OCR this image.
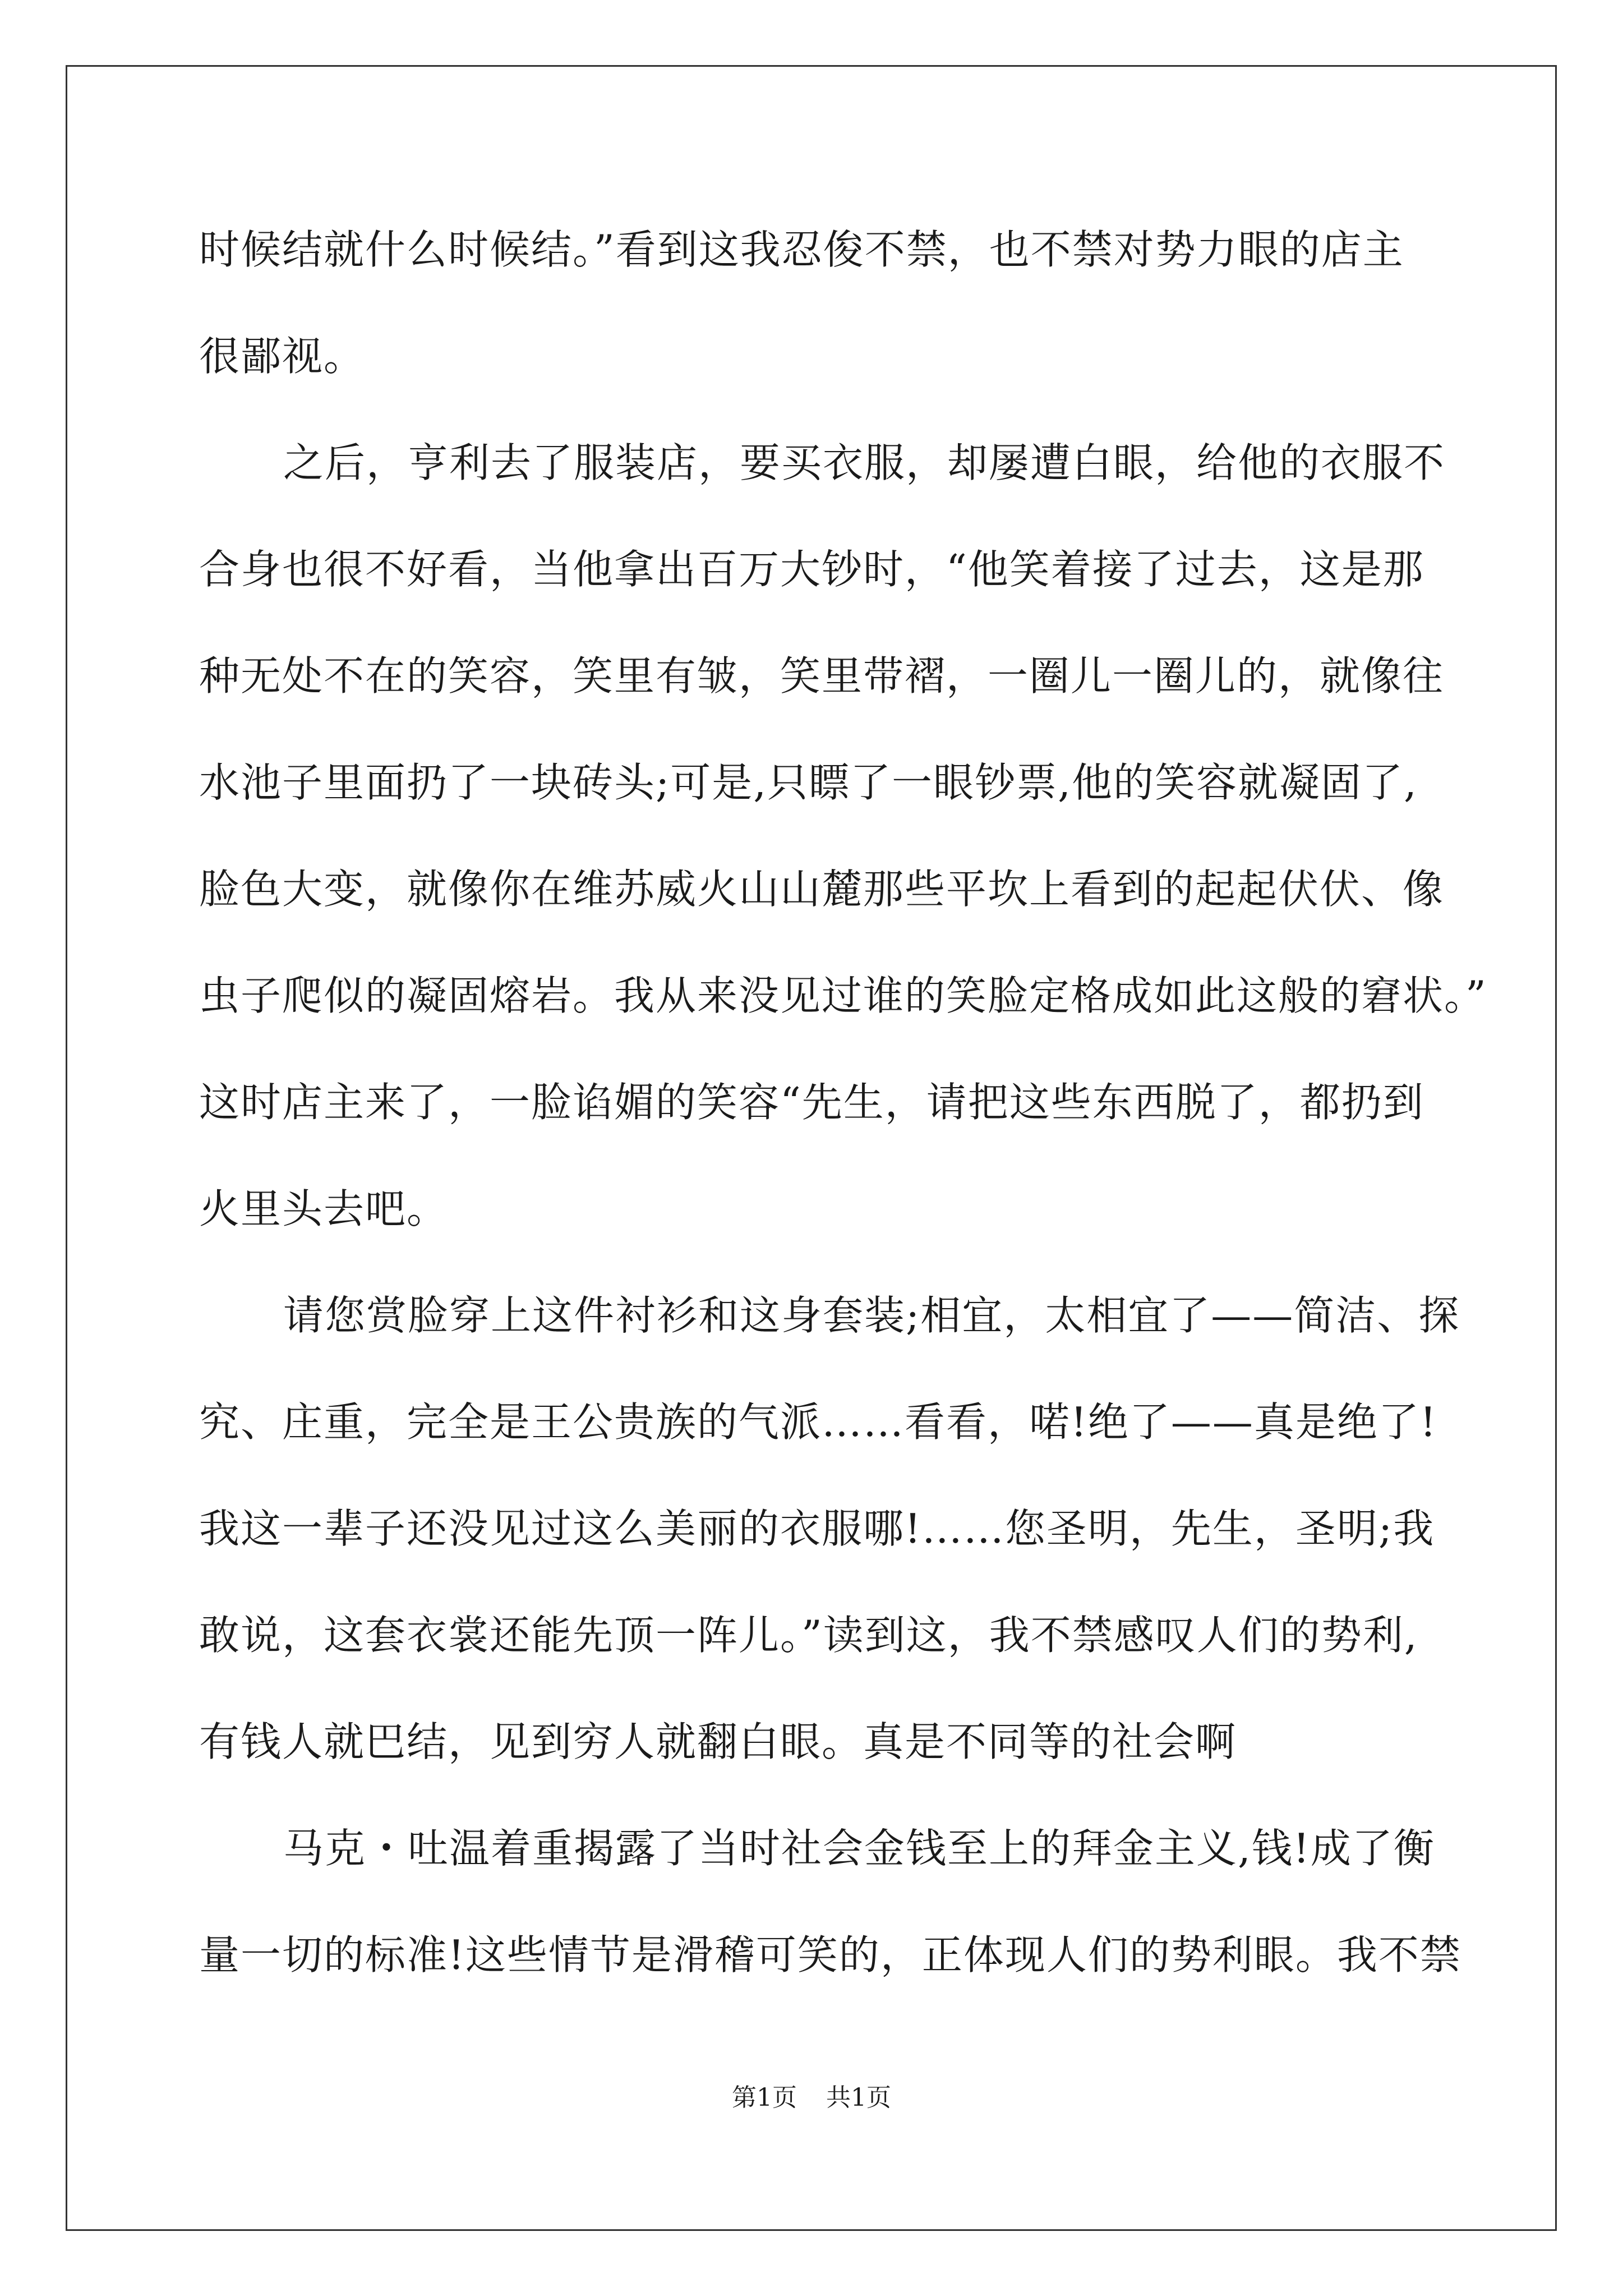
时候结就什么时候结。”看到这我忍俊不禁，也不禁对势力眼的店主
很鄙视。
之后，亨利去了服装店，要买衣服，却屡遭白眼，给他的衣服不
合身也很不好看，当他拿出百万大钞时，“他笑着接了过去，这是那
种无处不在的笑容，笑里有皱，笑里带褶，一圈儿一圈儿的，就像往
水池子里面扔了一块砖头;可是,只瞟了一眼钞票,他的笑容就凝固了,
脸色大变，就像你在维苏威火山山麓那些平坎上看到的起起伏伏、像
虫子爬似的凝固熔岩。我从来没见过谁的笑脸定格成如此这般的窘状。”
这时店主来了，一脸谄媚的笑容“先生，请把这些东西脱了，都扔到
火里头去吧。
请您赏脸穿上这件衬衫和这身套装;相宜，太相宜了——简洁、探
究、庄重，完全是王公贵族的气派……看看，喏!绝了——真是绝了!
我这一辈子还没见过这么美丽的衣服哪!……您圣明，先生，圣明;我
敢说，这套衣裳还能先顶一阵儿。”读到这，我不禁感叹人们的势利,
有钱人就巴结，见到穷人就翻白眼。真是不同等的社会啊
马克・吐温着重揭露了当时社会金钱至上的拜金主义,钱!成了衡
量一切的标准!这些情节是滑稽可笑的，正体现人们的势利眼。我不禁
第1页 共1页
